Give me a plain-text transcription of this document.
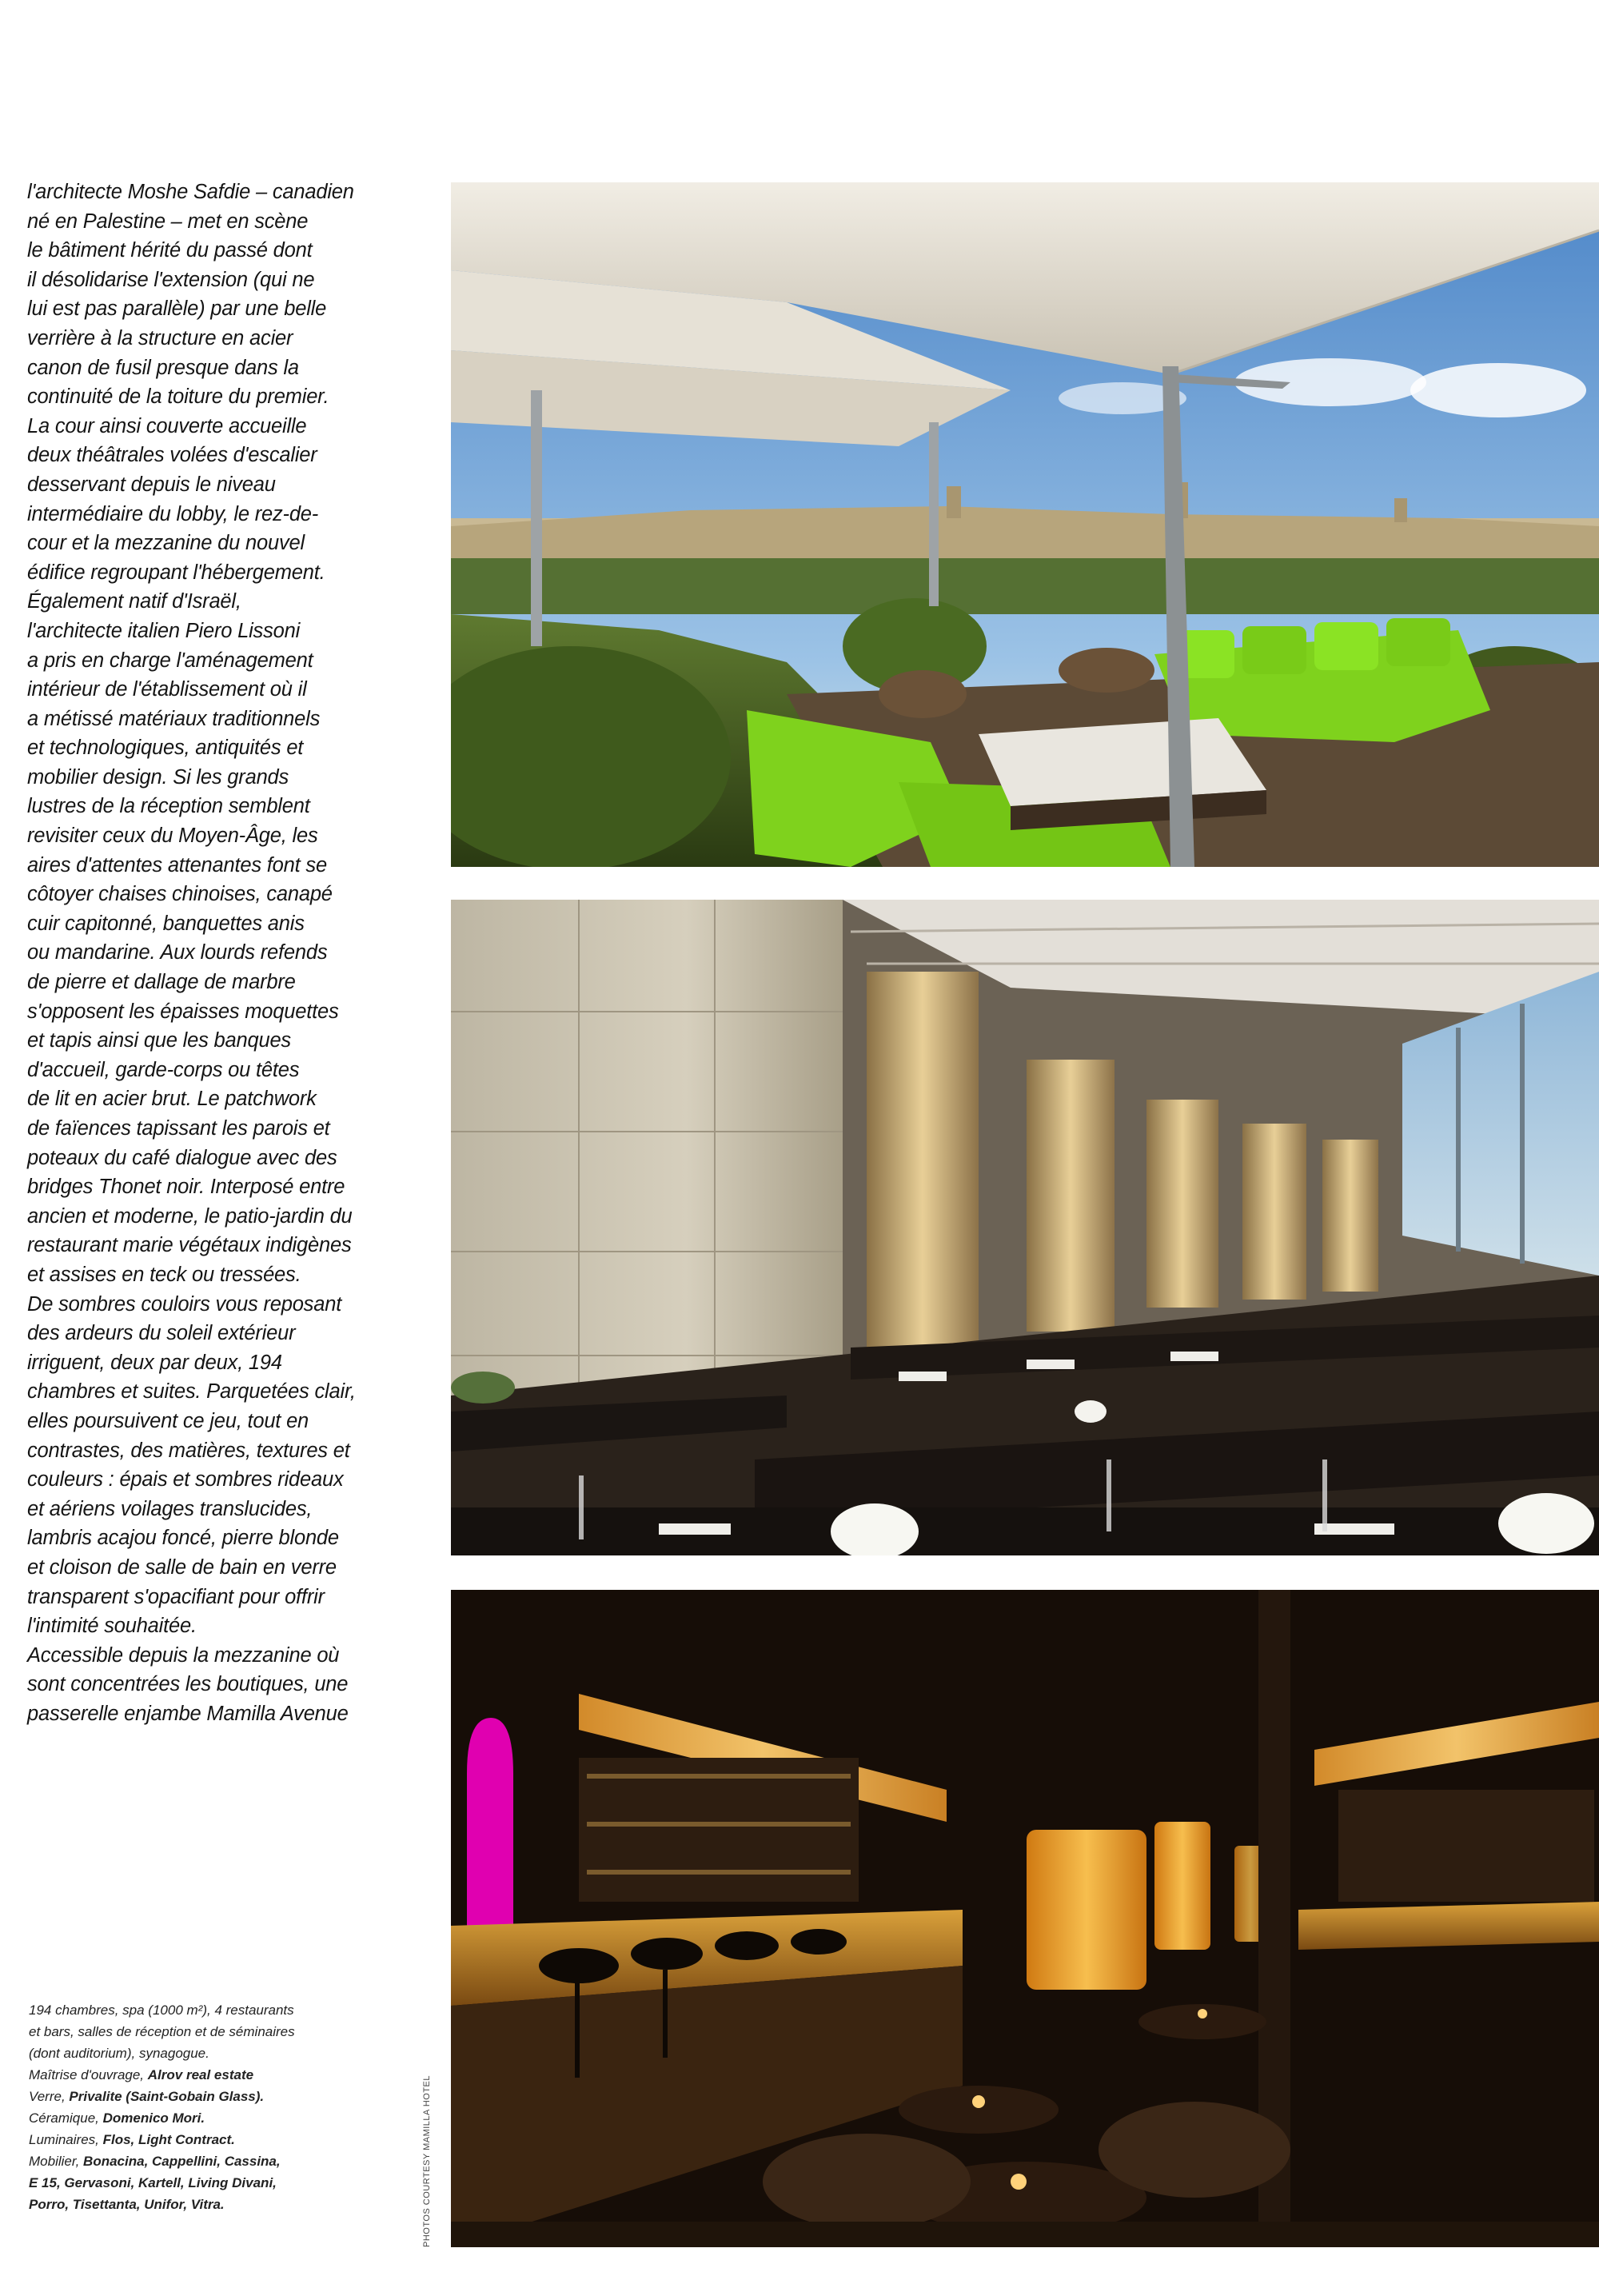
l'architecte Moshe Safdie – canadien
né en Palestine – met en scène
le bâtiment hérité du passé dont
il désolidarise l'extension (qui ne
lui est pas parallèle) par une belle
verrière à la structure en acier
canon de fusil presque dans la
continuité de la toiture du premier.
La cour ainsi couverte accueille
deux théâtrales volées d'escalier
desservant depuis le niveau
intermédiaire du lobby, le rez-de-
cour et la mezzanine du nouvel
édifice regroupant l'hébergement.
Également natif d'Israël,
l'architecte italien Piero Lissoni
a pris en charge l'aménagement
intérieur de l'établissement où il
a métissé matériaux traditionnels
et technologiques, antiquités et
mobilier design. Si les grands
lustres de la réception semblent
revisiter ceux du Moyen-Âge, les
aires d'attentes attenantes font se
côtoyer chaises chinoises, canapé
cuir capitonné, banquettes anis
ou mandarine. Aux lourds refends
de pierre et dallage de marbre
s'opposent les épaisses moquettes
et tapis ainsi que les banques
d'accueil, garde-corps ou têtes
de lit en acier brut. Le patchwork
de faïences tapissant les parois et
poteaux du café dialogue avec des
bridges Thonet noir. Interposé entre
ancien et moderne, le patio-jardin du
restaurant marie végétaux indigènes
et assises en teck ou tressées.
De sombres couloirs vous reposant
des ardeurs du soleil extérieur
irriguent, deux par deux, 194
chambres et suites. Parquetées clair,
elles poursuivent ce jeu, tout en
contrastes, des matières, textures et
couleurs : épais et sombres rideaux
et aériens voilages translucides,
lambris acajou foncé, pierre blonde
et cloison de salle de bain en verre
transparent s'opacifiant pour offrir
l'intimité souhaitée.
Accessible depuis la mezzanine où
sont concentrées les boutiques, une
passerelle enjambe Mamilla Avenue
194 chambres, spa (1000 m²), 4 restaurants
et bars, salles de réception et de séminaires
(dont auditorium), synagogue.
Maîtrise d'ouvrage, Alrov real estate
Verre, Privalite (Saint-Gobain Glass).
Céramique, Domenico Mori.
Luminaires, Flos, Light Contract.
Mobilier, Bonacina, Cappellini, Cassina,
E 15, Gervasoni, Kartell, Living Divani,
Porro, Tisettanta, Unifor, Vitra.	PHOTOS COURTESY MAMILLA HOTEL
